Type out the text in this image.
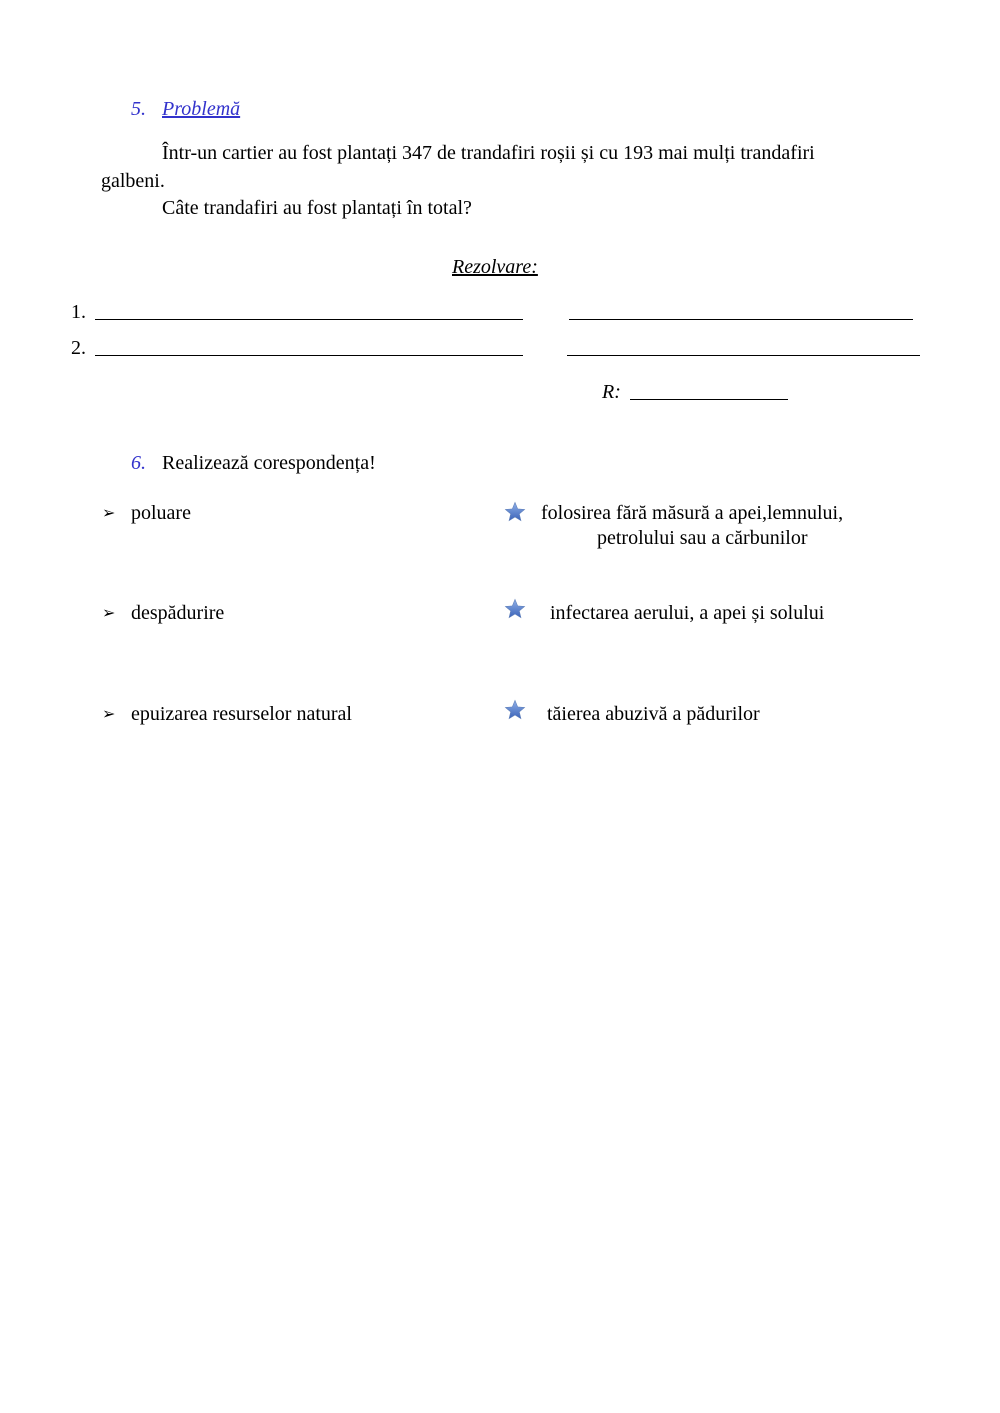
5. Problemă
Într-un cartier au fost plantați 347 de trandafiri roșii și cu 193 mai mulți trandafiri
galbeni.
Câte trandafiri au fost plantați în total?
Rezolvare:
1.
2.
R:
6. Realizează corespondența!
➢ poluare
➢ despădurire
➢ epuizarea resurselor natural
folosirea fără măsură a apei,lemnului,
petrolului sau a cărbunilor
infectarea aerului, a apei și solului
tăierea abuzivă a pădurilor
